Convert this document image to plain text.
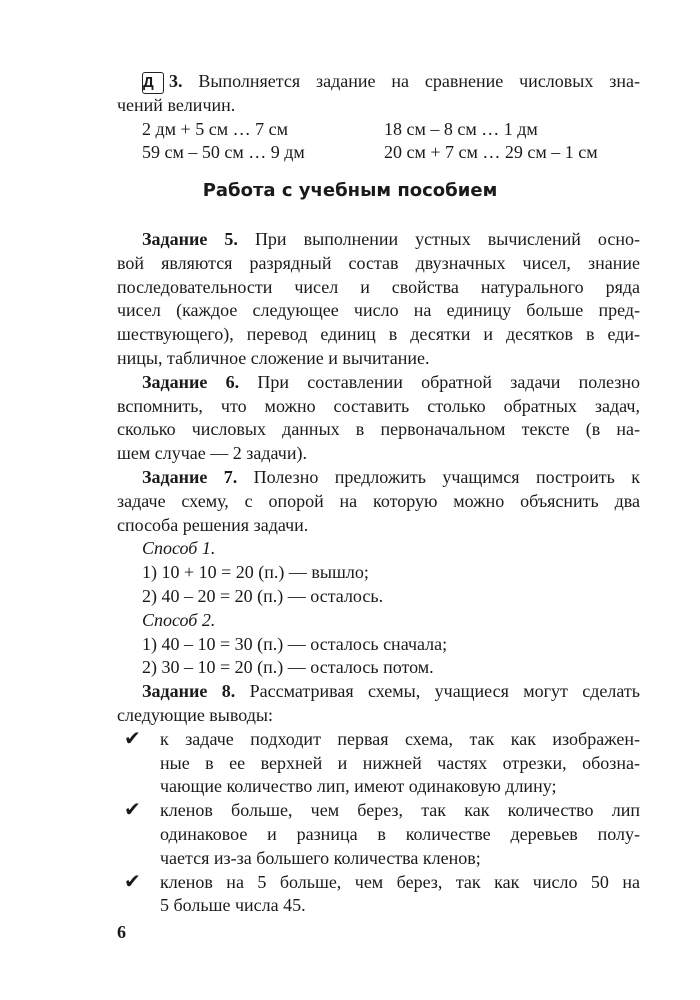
Д 3. Выполняется задание на сравнение числовых зна-
чений величин.
2 дм + 5 см … 7 см	18 см – 8 см … 1 дм
59 см – 50 см … 9 дм	20 см + 7 см … 29 см – 1 см
Работа с учебным пособием
Задание 5. При выполнении устных вычислений осно-
вой являются разрядный состав двузначных чисел, знание
последовательности чисел и свойства натурального ряда
чисел (каждое следующее число на единицу больше пред-
шествующего), перевод единиц в десятки и десятков в еди-
ницы, табличное сложение и вычитание.
Задание 6. При составлении обратной задачи полезно
вспомнить, что можно составить столько обратных задач,
сколько числовых данных в первоначальном тексте (в на-
шем случае — 2 задачи).
Задание 7. Полезно предложить учащимся построить к
задаче схему, с опорой на которую можно объяснить два
способа решения задачи.
Способ 1.
1) 10 + 10 = 20 (п.) — вышло;
2) 40 – 20 = 20 (п.) — осталось.
Способ 2.
1) 40 – 10 = 30 (п.) — осталось сначала;
2) 30 – 10 = 20 (п.) — осталось потом.
Задание 8. Рассматривая схемы, учащиеся могут сделать
следующие выводы:
✔ к задаче подходит первая схема, так как изображен-
ные в ее верхней и нижней частях отрезки, обозна-
чающие количество лип, имеют одинаковую длину;
✔ кленов больше, чем берез, так как количество лип
одинаковое и разница в количестве деревьев полу-
чается из-за большего количества кленов;
✔ кленов на 5 больше, чем берез, так как число 50 на
5 больше числа 45.
6
